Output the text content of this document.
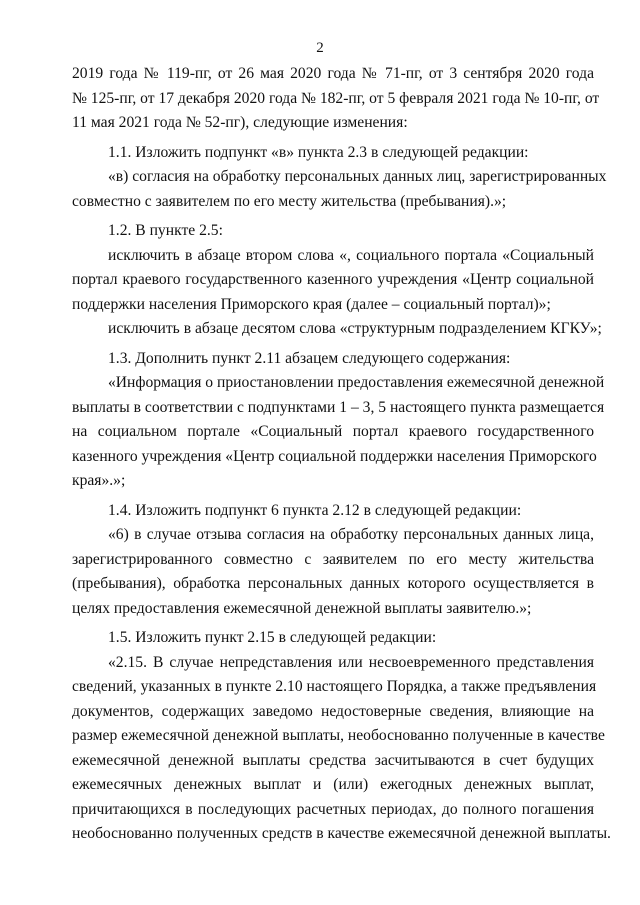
2
2019 года № 119-пг, от 26 мая 2020 года № 71-пг, от 3 сентября 2020 года
№ 125-пг, от 17 декабря 2020 года № 182-пг, от 5 февраля 2021 года № 10-пг, от
11 мая 2021 года № 52-пг), следующие изменения:
1.1. Изложить подпункт «в» пункта 2.3 в следующей редакции:
«в) согласия на обработку персональных данных лиц, зарегистрированных
совместно с заявителем по его месту жительства (пребывания).»;
1.2. В пункте 2.5:
исключить в абзаце втором слова «, социального портала «Социальный
портал краевого государственного казенного учреждения «Центр социальной
поддержки населения Приморского края (далее – социальный портал)»;
исключить в абзаце десятом слова «структурным подразделением КГКУ»;
1.3. Дополнить пункт 2.11 абзацем следующего содержания:
«Информация о приостановлении предоставления ежемесячной денежной
выплаты в соответствии с подпунктами 1 – 3, 5 настоящего пункта размещается
на социальном портале «Социальный портал краевого государственного
казенного учреждения «Центр социальной поддержки населения Приморского
края».»;
1.4. Изложить подпункт 6 пункта 2.12 в следующей редакции:
«6) в случае отзыва согласия на обработку персональных данных лица,
зарегистрированного совместно с заявителем по его месту жительства
(пребывания), обработка персональных данных которого осуществляется в
целях предоставления ежемесячной денежной выплаты заявителю.»;
1.5. Изложить пункт 2.15 в следующей редакции:
«2.15. В случае непредставления или несвоевременного представления
сведений, указанных в пункте 2.10 настоящего Порядка, а также предъявления
документов, содержащих заведомо недостоверные сведения, влияющие на
размер ежемесячной денежной выплаты, необоснованно полученные в качестве
ежемесячной денежной выплаты средства засчитываются в счет будущих
ежемесячных денежных выплат и (или) ежегодных денежных выплат,
причитающихся в последующих расчетных периодах, до полного погашения
необоснованно полученных средств в качестве ежемесячной денежной выплаты.
